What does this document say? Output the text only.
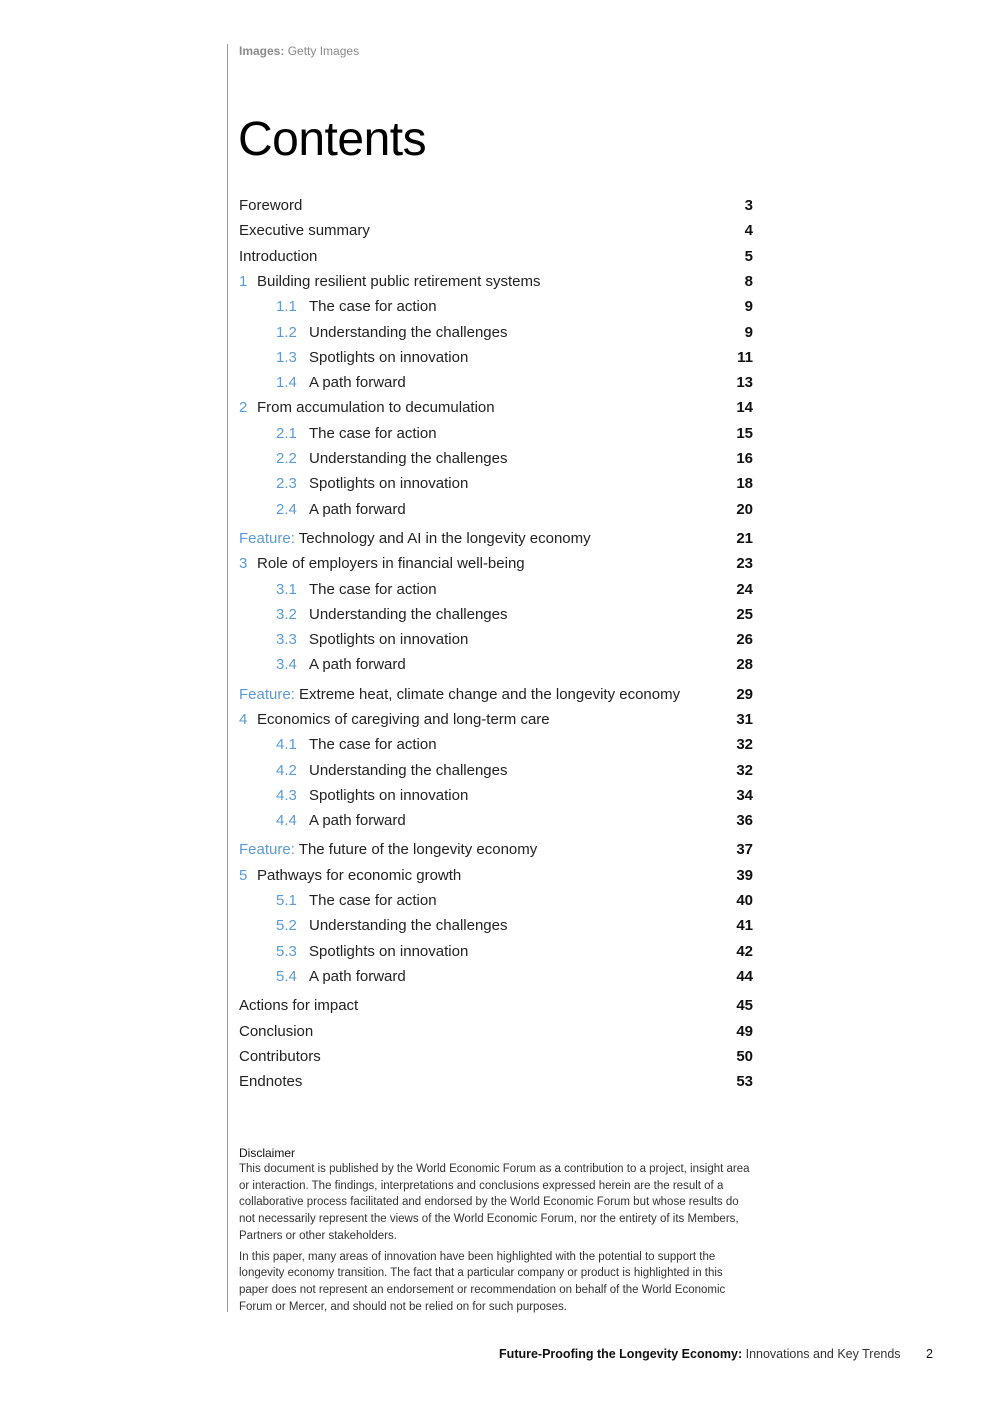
Images: Getty Images
Contents
Foreword	3
Executive summary	4
Introduction	5
1 Building resilient public retirement systems	8
1.1 The case for action	9
1.2 Understanding the challenges	9
1.3 Spotlights on innovation	11
1.4 A path forward	13
2 From accumulation to decumulation	14
2.1 The case for action	15
2.2 Understanding the challenges	16
2.3 Spotlights on innovation	18
2.4 A path forward	20
Feature: Technology and AI in the longevity economy	21
3 Role of employers in financial well-being	23
3.1 The case for action	24
3.2 Understanding the challenges	25
3.3 Spotlights on innovation	26
3.4 A path forward	28
Feature: Extreme heat, climate change and the longevity economy	29
4 Economics of caregiving and long-term care	31
4.1 The case for action	32
4.2 Understanding the challenges	32
4.3 Spotlights on innovation	34
4.4 A path forward	36
Feature: The future of the longevity economy	37
5 Pathways for economic growth	39
5.1 The case for action	40
5.2 Understanding the challenges	41
5.3 Spotlights on innovation	42
5.4 A path forward	44
Actions for impact	45
Conclusion	49
Contributors	50
Endnotes	53
Disclaimer

This document is published by the World Economic Forum as a contribution to a project, insight area or interaction. The findings, interpretations and conclusions expressed herein are the result of a collaborative process facilitated and endorsed by the World Economic Forum but whose results do not necessarily represent the views of the World Economic Forum, nor the entirety of its Members, Partners or other stakeholders.

In this paper, many areas of innovation have been highlighted with the potential to support the longevity economy transition. The fact that a particular company or product is highlighted in this paper does not represent an endorsement or recommendation on behalf of the World Economic Forum or Mercer, and should not be relied on for such purposes.

Future-Proofing the Longevity Economy: Innovations and Key Trends 2
